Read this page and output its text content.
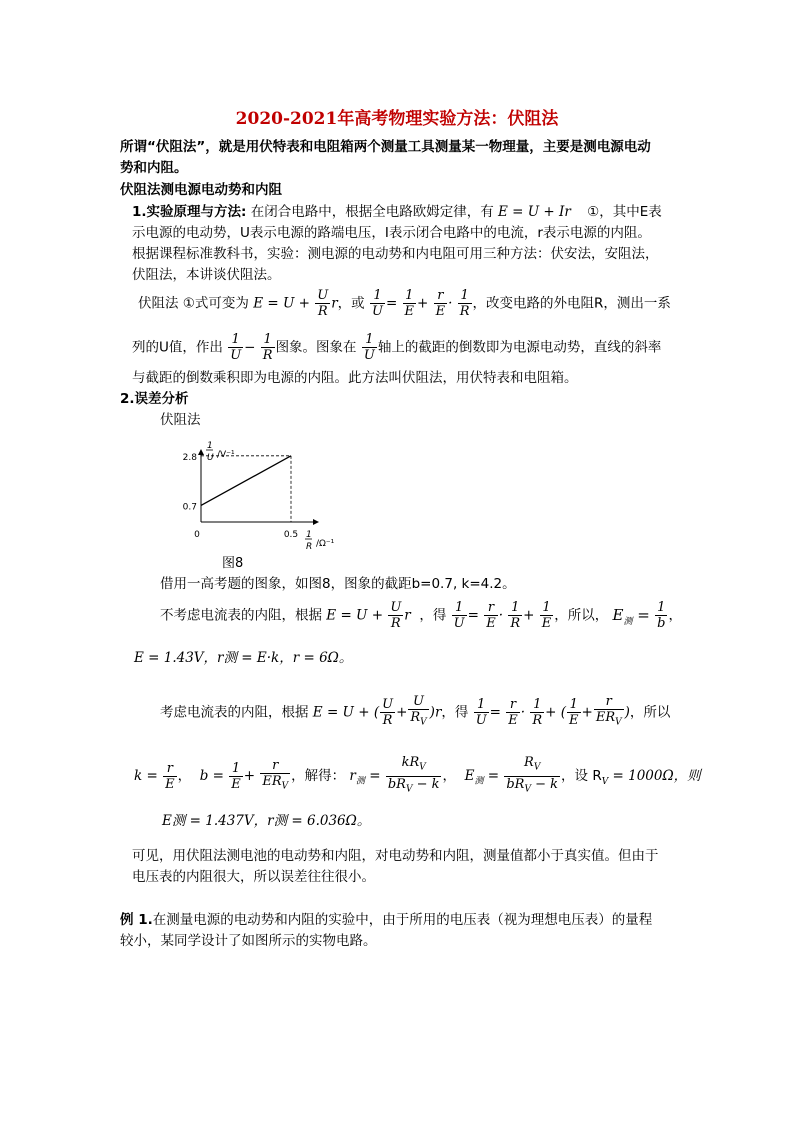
2020-2021年高考物理实验方法：伏阻法
所谓“伏阻法”，就是用伏特表和电阻箱两个测量工具测量某一物理量，主要是测电源电动
势和内阻。
伏阻法测电源电动势和内阻
1.实验原理与方法: 在闭合电路中，根据全电路欧姆定律，有 E = U + Ir ①，其中E表
示电源的电动势，U表示电源的路端电压，I表示闭合电路中的电流，r表示电源的内阻。
根据课程标准教科书，实验：测电源的电动势和内电阻可用三种方法：伏安法，安阻法，
伏阻法，本讲谈伏阻法。
伏阻法 ①式可变为 $E = U + \frac{U}{R}$ r，或 $\frac{1}{U} = \frac{1}{E} + \frac{r}{E} \cdot \frac{1}{R}$ ，改变电路的外电阻R，测出一系
列的U值，作出 $\frac{1}{U} - \frac{1}{R}$ 图象。图象在 $\frac{1}{U}$ 轴上的截距的倒数即为电源电动势，直线的斜率
与截距的倒数乘积即为电源的内阻。此方法叫伏阻法，用伏特表和电阻箱。
2.误差分析
伏阻法
1
U /V⁻¹
1
R /Ω⁻¹
2.8
0.7
0	0.5
图8
借用一高考题的图象，如图8，图象的截距b=0.7, k=4.2。
不考虑电流表的内阻，根据 $E = U + \frac{U}{R}$ r ，得 $\frac{1}{U} = \frac{r}{E} \cdot \frac{1}{R} + \frac{1}{E}$ ，所以， $E_测 = \frac{1}{b}$ ，
E = 1.43V，r测 = E·k，r = 6Ω。
考虑电流表的内阻，根据 E = U + ( $\frac{U}{R} + \frac{U}{R_V} )r$，得 $\frac{1}{U} = \frac{r}{E} \cdot \frac{1}{R}$ + ( $\frac{1}{E} + \frac{r}{ER_V}$ )，所以
$k = \frac{r}{E}$ ，  $b = \frac{1}{E} + \frac{r}{ER_V}$ ，解得： $r_测 = \frac{kR_V}{bR_V - k}$ ，  $E_测 = \frac{R_V}{bR_V - k}$ ，设 $R_V = 1000\Omega$，则
E测 = 1.437V，r测 = 6.036Ω。
可见，用伏阻法测电池的电动势和内阻，对电动势和内阻，测量值都小于真实值。但由于
电压表的内阻很大，所以误差往往很小。
例 1.在测量电源的电动势和内阻的实验中，由于所用的电压表（视为理想电压表）的量程
较小，某同学设计了如图所示的实物电路。
